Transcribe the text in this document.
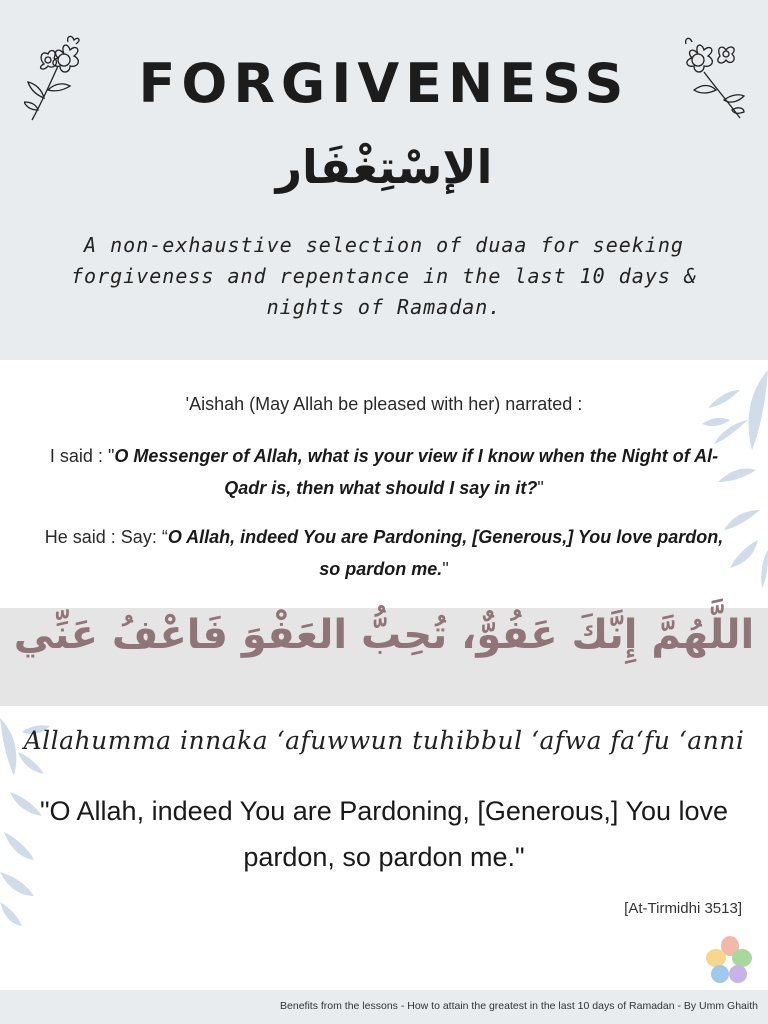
FORGIVENESS
الإسْتِغْفَار
A non-exhaustive selection of duaa for seeking forgiveness and repentance in the last 10 days & nights of Ramadan.
'Aishah (May Allah be pleased with her) narrated :
I said : "O Messenger of Allah, what is your view if I know when the Night of Al-Qadr is, then what should I say in it?"
He said : Say: “O Allah, indeed You are Pardoning, [Generous,] You love pardon, so pardon me."
اللَّهُمَّ إِنَّكَ عَفُوٌّ، تُحِبُّ العَفْوَ فَاعْفُ عَنِّي
Allahumma innaka ‘afuwwun tuhibbul ‘afwa fa‘fu ‘anni
"O Allah, indeed You are Pardoning, [Generous,] You love pardon, so pardon me."
[At-Tirmidhi 3513]
Benefits from the lessons - How to attain the greatest in the last 10 days of Ramadan - By Umm Ghaith
